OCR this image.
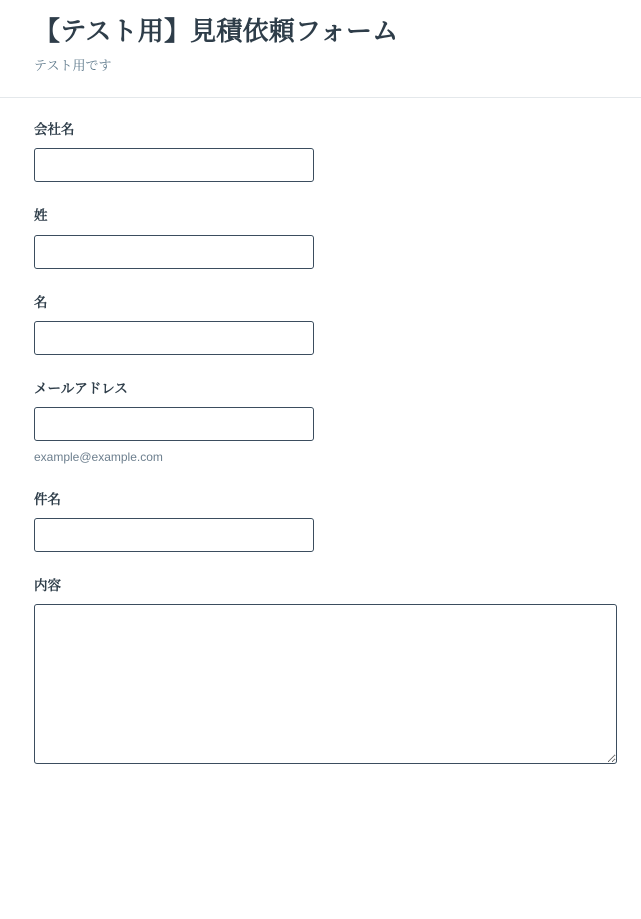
【テスト用】見積依頼フォーム

テスト用です

会社名
姓
名
メールアドレス

example@example.com

件名
内容
